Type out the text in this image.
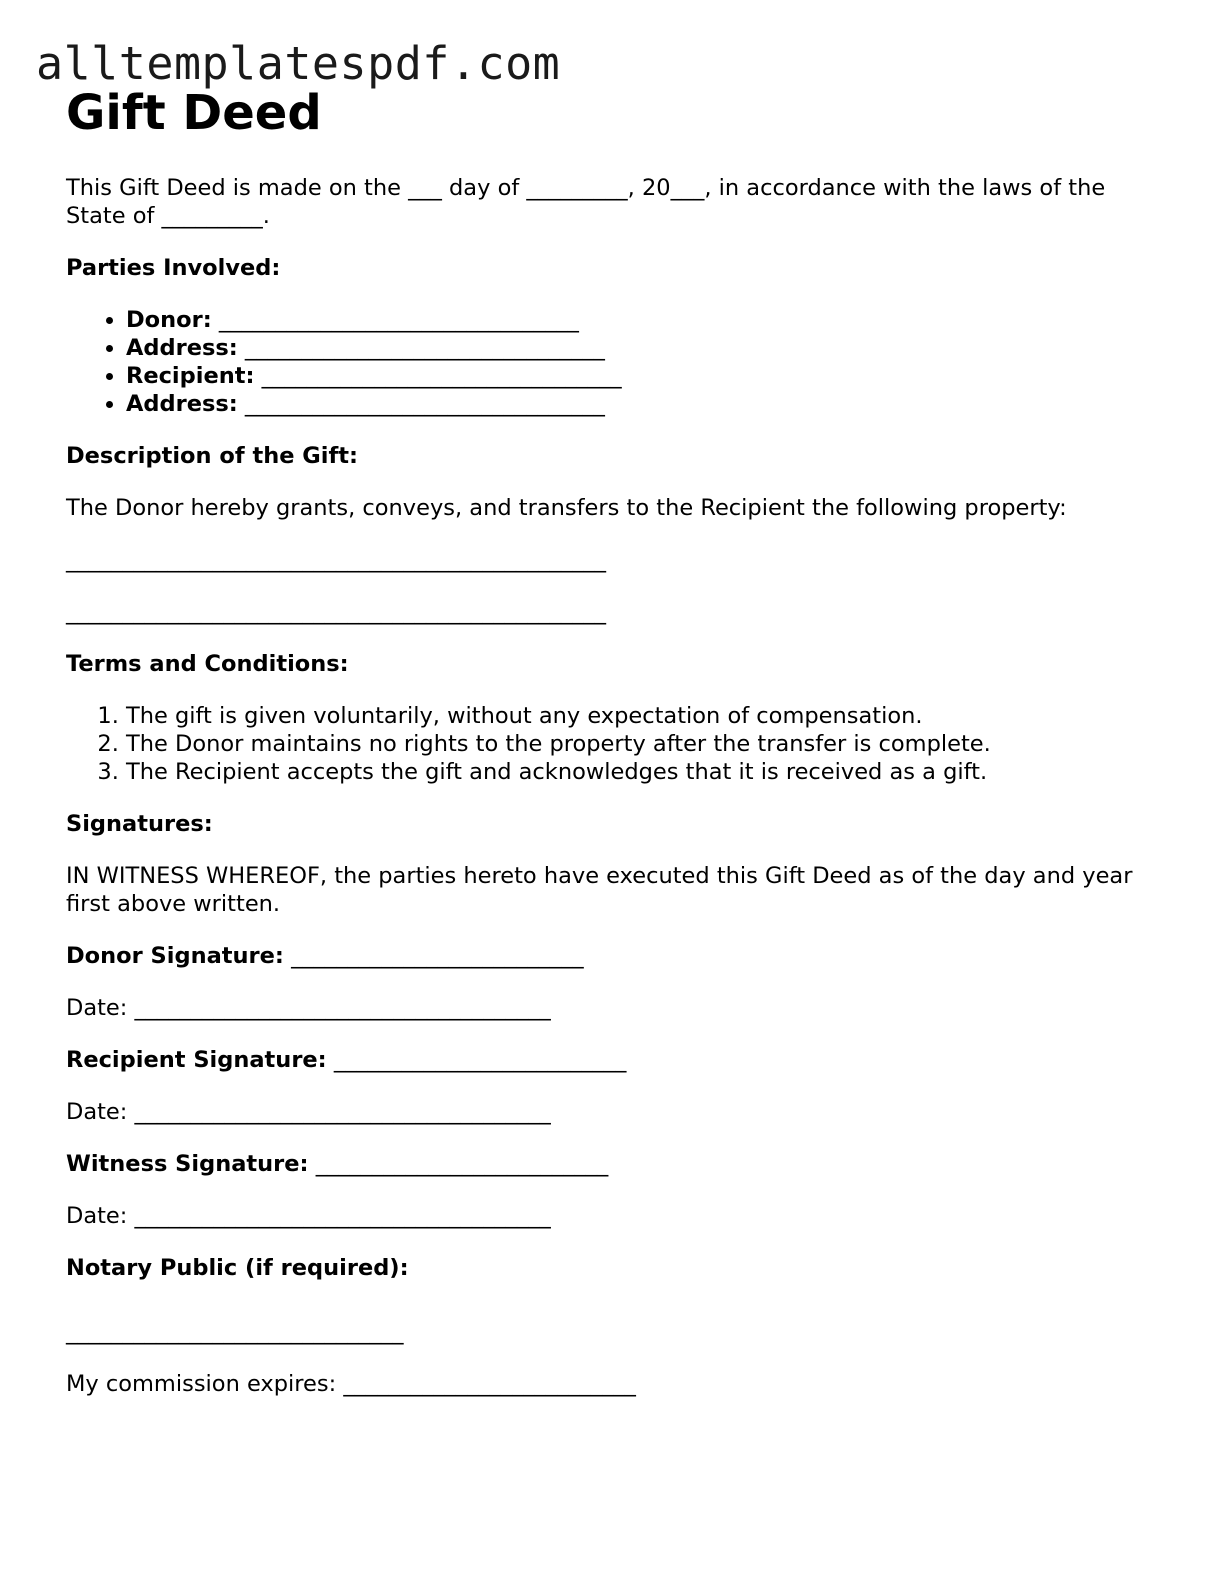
alltemplatespdf.com
Gift Deed

This Gift Deed is made on the ___ day of _________, 20___, in accordance with the laws of the State of _________.

Parties Involved:

• Donor: ________________________________
• Address: ________________________________
• Recipient: ________________________________
• Address: ________________________________

Description of the Gift:

The Donor hereby grants, conveys, and transfers to the Recipient the following property:

________________________________________________

________________________________________________

Terms and Conditions:

1. The gift is given voluntarily, without any expectation of compensation.
2. The Donor maintains no rights to the property after the transfer is complete.
3. The Recipient accepts the gift and acknowledges that it is received as a gift.

Signatures:

IN WITNESS WHEREOF, the parties hereto have executed this Gift Deed as of the day and year first above written.

Donor Signature: __________________________

Date: _____________________________________

Recipient Signature: __________________________

Date: _____________________________________

Witness Signature: __________________________

Date: _____________________________________

Notary Public (if required):

______________________________

My commission expires: __________________________
